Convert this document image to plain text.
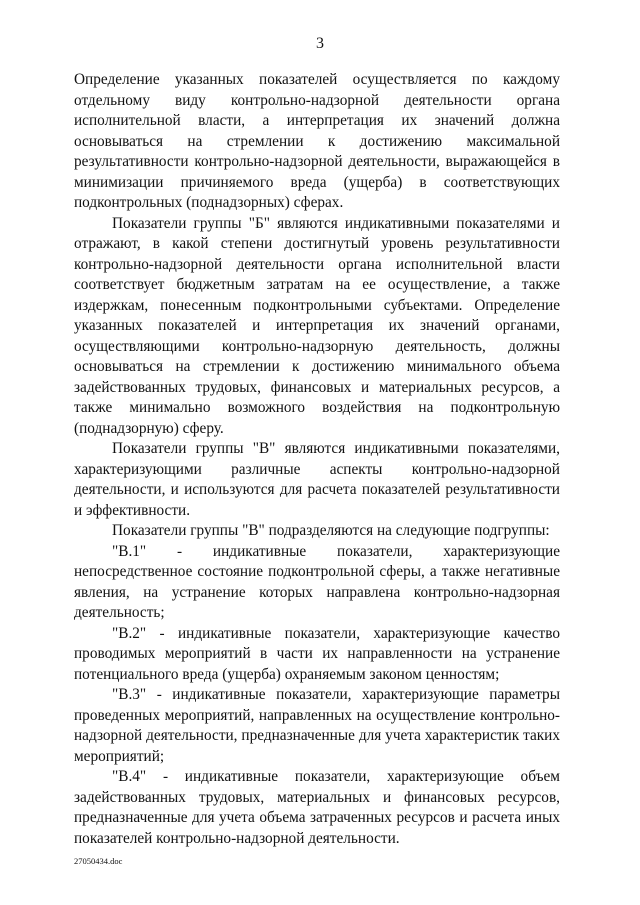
3

Определение указанных показателей осуществляется по каждому отдельному виду контрольно-надзорной деятельности органа исполнительной власти, а интерпретация их значений должна основываться на стремлении к достижению максимальной результативности контрольно-надзорной деятельности, выражающейся в минимизации причиняемого вреда (ущерба) в соответствующих подконтрольных (поднадзорных) сферах.

Показатели группы "Б" являются индикативными показателями и отражают, в какой степени достигнутый уровень результативности контрольно-надзорной деятельности органа исполнительной власти соответствует бюджетным затратам на ее осуществление, а также издержкам, понесенным подконтрольными субъектами. Определение указанных показателей и интерпретация их значений органами, осуществляющими контрольно-надзорную деятельность, должны основываться на стремлении к достижению минимального объема задействованных трудовых, финансовых и материальных ресурсов, а также минимально возможного воздействия на подконтрольную (поднадзорную) сферу.

Показатели группы "В" являются индикативными показателями, характеризующими различные аспекты контрольно-надзорной деятельности, и используются для расчета показателей результативности и эффективности.

Показатели группы "В" подразделяются на следующие подгруппы:

"В.1" - индикативные показатели, характеризующие непосредственное состояние подконтрольной сферы, а также негативные явления, на устранение которых направлена контрольно-надзорная деятельность;

"В.2" - индикативные показатели, характеризующие качество проводимых мероприятий в части их направленности на устранение потенциального вреда (ущерба) охраняемым законом ценностям;

"В.3" - индикативные показатели, характеризующие параметры проведенных мероприятий, направленных на осуществление контрольно-надзорной деятельности, предназначенные для учета характеристик таких мероприятий;

"В.4" - индикативные показатели, характеризующие объем задействованных трудовых, материальных и финансовых ресурсов, предназначенные для учета объема затраченных ресурсов и расчета иных показателей контрольно-надзорной деятельности.

27050434.doc
